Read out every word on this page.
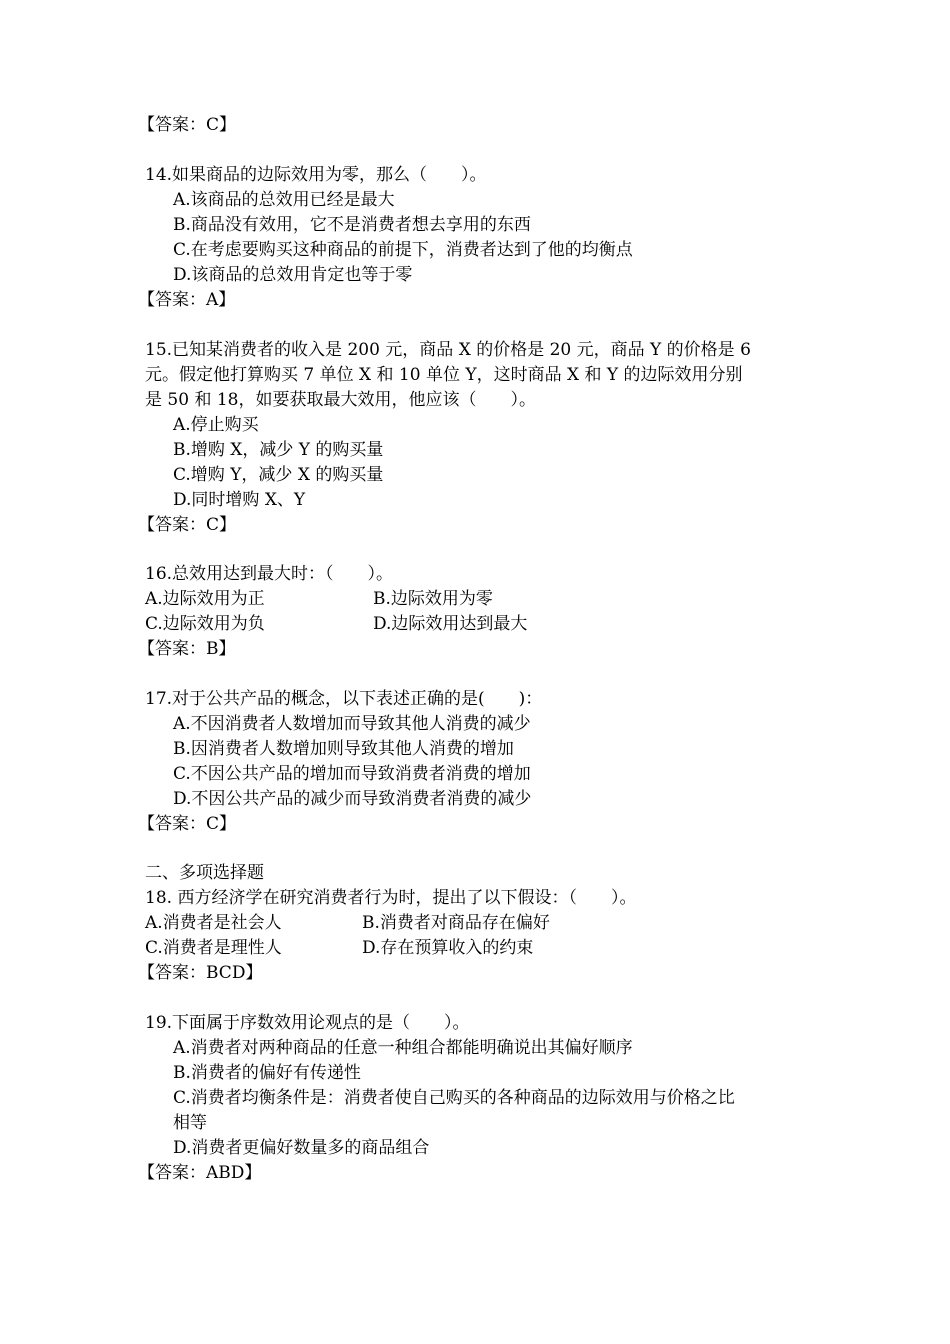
【答案：C】
14.如果商品的边际效用为零，那么（　　）。
A.该商品的总效用已经是最大
B.商品没有效用，它不是消费者想去享用的东西
C.在考虑要购买这种商品的前提下，消费者达到了他的均衡点
D.该商品的总效用肯定也等于零
【答案：A】
15.已知某消费者的收入是 200 元，商品 X 的价格是 20 元，商品 Y 的价格是 6
元。假定他打算购买 7 单位 X 和 10 单位 Y，这时商品 X 和 Y 的边际效用分别
是 50 和 18，如要获取最大效用，他应该（　　）。
A.停止购买
B.增购 X，减少 Y 的购买量
C.增购 Y，减少 X 的购买量
D.同时增购 X、Y
【答案：C】
16.总效用达到最大时：（　　）。
A.边际效用为正	B.边际效用为零
C.边际效用为负	D.边际效用达到最大
【答案：B】
17.对于公共产品的概念，以下表述正确的是(　　)：
A.不因消费者人数增加而导致其他人消费的减少
B.因消费者人数增加则导致其他人消费的增加
C.不因公共产品的增加而导致消费者消费的增加
D.不因公共产品的减少而导致消费者消费的减少
【答案：C】
二、多项选择题
18. 西方经济学在研究消费者行为时，提出了以下假设：（　　）。
A.消费者是社会人	B.消费者对商品存在偏好
C.消费者是理性人	D.存在预算收入的约束
【答案：BCD】
19.下面属于序数效用论观点的是（　　）。
A.消费者对两种商品的任意一种组合都能明确说出其偏好顺序
B.消费者的偏好有传递性
C.消费者均衡条件是：消费者使自己购买的各种商品的边际效用与价格之比
相等
D.消费者更偏好数量多的商品组合
【答案：ABD】
